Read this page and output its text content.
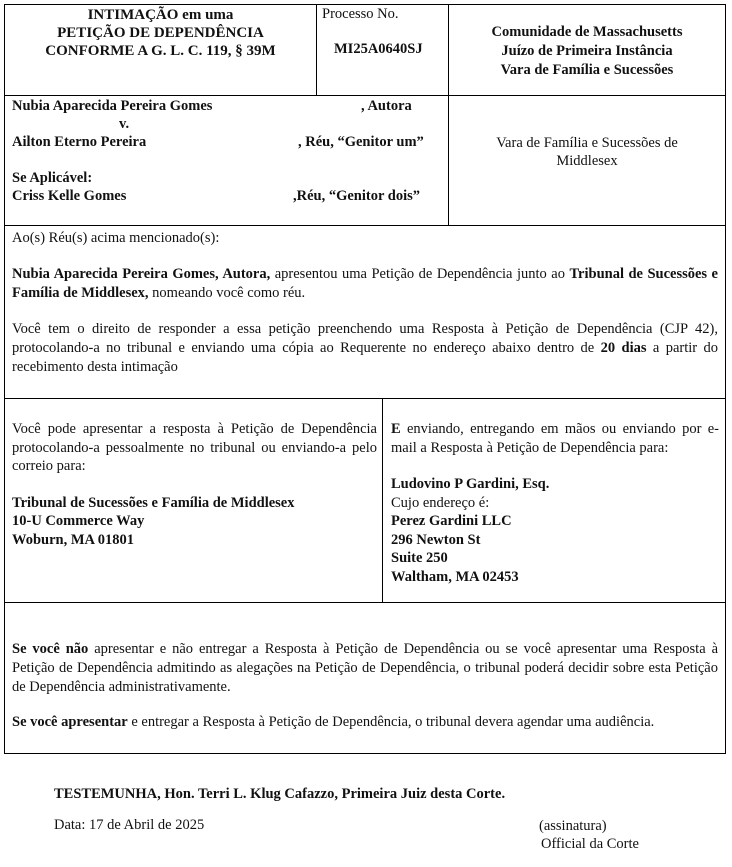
INTIMAÇÃO em uma
PETIÇÃO DE DEPENDÊNCIA
CONFORME A G. L. C. 119, § 39M
Processo No.
MI25A0640SJ
Comunidade de Massachusetts
Juízo de Primeira Instância
Vara de Família e Sucessões
Nubia Aparecida Pereira Gomes	, Autora
v.
Ailton Eterno Pereira	, Réu, “Genitor um”
Se Aplicável:
Criss Kelle Gomes	,Réu, “Genitor dois”
Vara de Família e Sucessões de Middlesex

Ao(s) Réu(s) acima mencionado(s):

Nubia Aparecida Pereira Gomes, Autora, apresentou uma Petição de Dependência junto ao Tribunal de Sucessões e Família de Middlesex, nomeando você como réu.

Você tem o direito de responder a essa petição preenchendo uma Resposta à Petição de Dependência (CJP 42), protocolando-a no tribunal e enviando uma cópia ao Requerente no endereço abaixo dentro de 20 dias a partir do recebimento desta intimação

Você pode apresentar a resposta à Petição de Dependência protocolando-a pessoalmente no tribunal ou enviando-a pelo correio para:

Tribunal de Sucessões e Família de Middlesex
10-U Commerce Way
Woburn, MA 01801

E enviando, entregando em mãos ou enviando por e-mail a Resposta à Petição de Dependência para:

Ludovino P Gardini, Esq.
Cujo endereço é:
Perez Gardini LLC
296 Newton St
Suite 250
Waltham, MA 02453

Se você não apresentar e não entregar a Resposta à Petição de Dependência ou se você apresentar uma Resposta à Petição de Dependência admitindo as alegações na Petição de Dependência, o tribunal poderá decidir sobre esta Petição de Dependência administrativamente.

Se você apresentar e entregar a Resposta à Petição de Dependência, o tribunal devera agendar uma audiência.

TESTEMUNHA, Hon. Terri L. Klug Cafazzo, Primeira Juiz desta Corte.
Data: 17 de Abril de 2025	(assinatura)
Official da Corte
